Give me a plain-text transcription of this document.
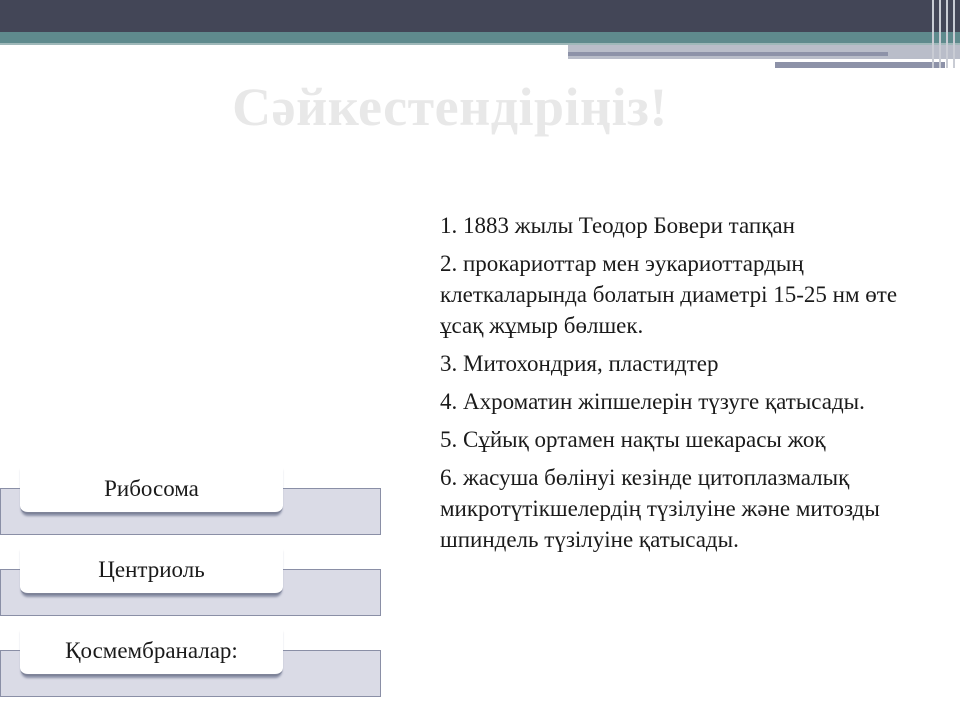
Сәйкестендіріңіз!

1. 1883 жылы Теодор Бовери тапқан

2. прокариоттар мен эукариоттардың клеткаларында болатын диаметрі 15-25 нм өте ұсақ жұмыр бөлшек.

3. Митохондрия, пластидтер

4. Ахроматин жіпшелерін түзуге қатысады.

5. Сұйық ортамен нақты шекарасы жоқ

6. жасуша бөлінуі кезінде цитоплазмалық микротүтікшелердің түзілуіне және митозды шпиндель түзілуіне қатысады.

Рибосома
Центриоль
Қосмембраналар:
